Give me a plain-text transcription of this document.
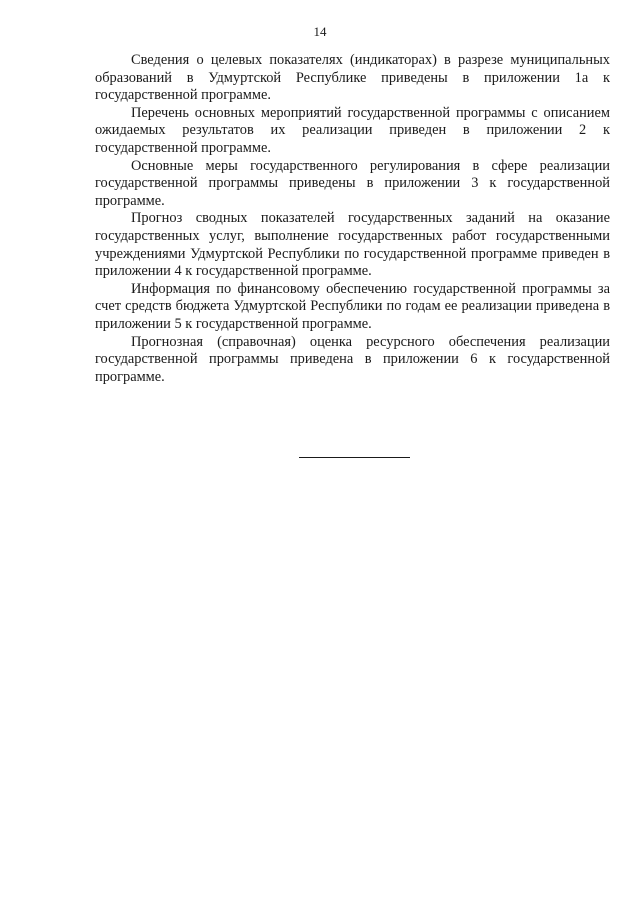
14

Сведения о целевых показателях (индикаторах) в разрезе муниципальных образований в Удмуртской Республике приведены в приложении 1а к государственной программе.

Перечень основных мероприятий государственной программы с описанием ожидаемых результатов их реализации приведен в приложении 2 к государственной программе.

Основные меры государственного регулирования в сфере реализации государственной программы приведены в приложении 3 к государственной программе.

Прогноз сводных показателей государственных заданий на оказание государственных услуг, выполнение государственных работ государственными учреждениями Удмуртской Республики по государственной программе приведен в приложении 4 к государственной программе.

Информация по финансовому обеспечению государственной программы за счет средств бюджета Удмуртской Республики по годам ее реализации приведена в приложении 5 к государственной программе.

Прогнозная (справочная) оценка ресурсного обеспечения реализации государственной программы приведена в приложении 6 к государственной программе.
